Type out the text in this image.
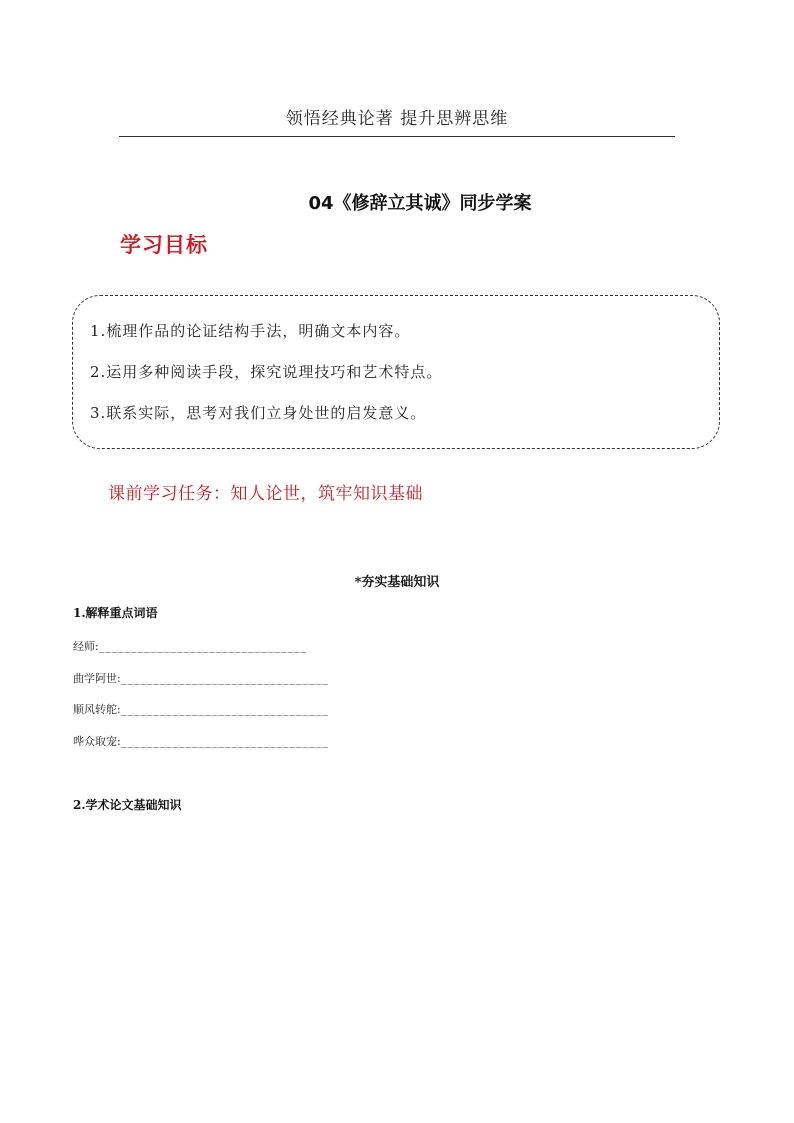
领悟经典论著 提升思辨思维
04《修辞立其诚》同步学案
学习目标
1.梳理作品的论证结构手法，明确文本内容。
2.运用多种阅读手段，探究说理技巧和艺术特点。
3.联系实际，思考对我们立身处世的启发意义。
课前学习任务：知人论世，筑牢知识基础
*夯实基础知识
1.解释重点词语
经师:________________________________
曲学阿世:________________________________
顺风转舵:________________________________
哗众取宠:________________________________
2.学术论文基础知识
